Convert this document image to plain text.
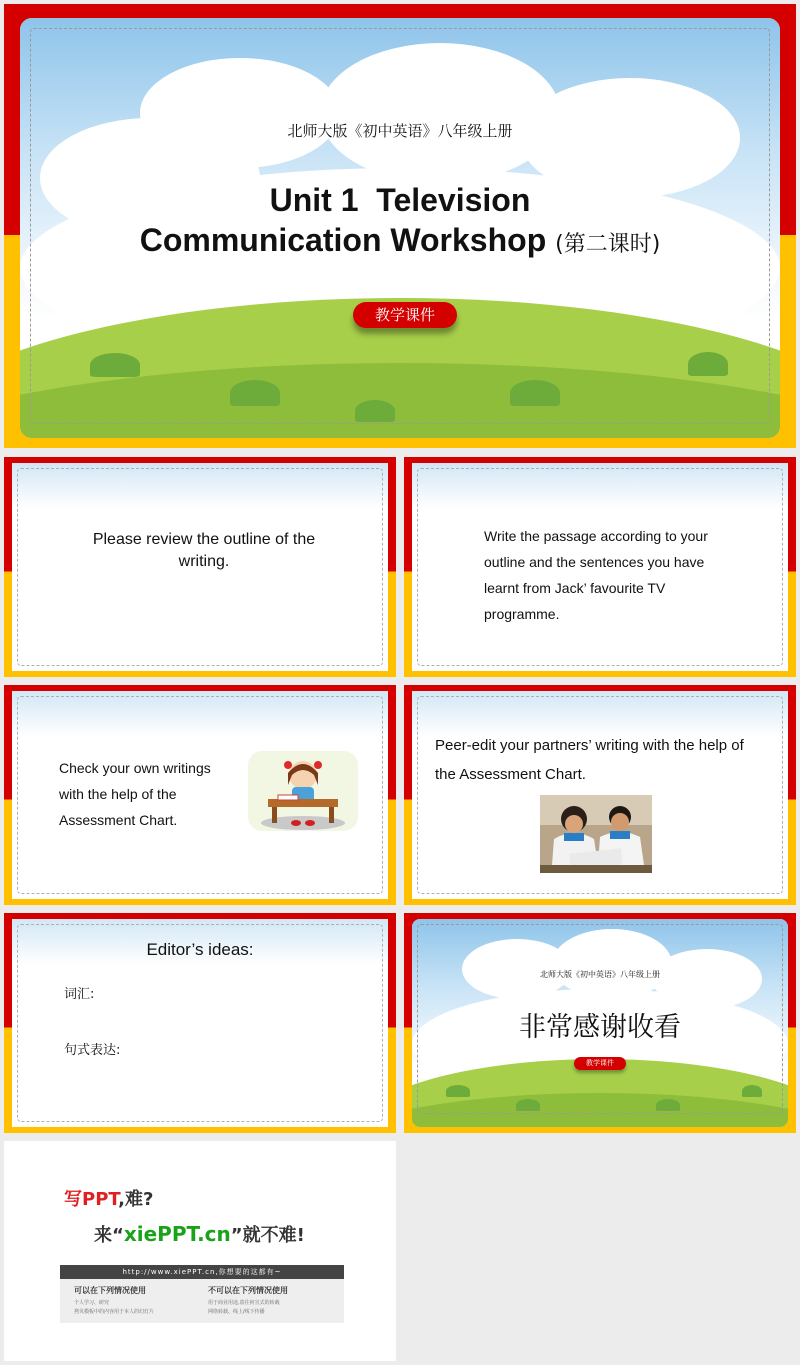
北师大版《初中英语》八年级上册
Unit 1  Television
Communication Workshop (第二课时)
教学课件
Please review the outline of the writing.
Write the passage according to your outline and the sentences you have learnt from Jack’ favourite TV programme.
Check your own writings with the help of the Assessment Chart.
Peer-edit your partners’ writing with the help of the Assessment Chart.
Editor’s ideas:
词汇:
句式表达:
北师大版《初中英语》八年级上册
非常感谢收看
教学课件
写PPT,难?
来“xiePPT.cn”就不难!
http://www.xiePPT.cn,你想要的这都有~
可以在下列情况使用
个人学习、研究
拷贝模板中的内容用于本人的幻灯片
不可以在下列情况使用
用于商业用途,盗往何宣式的转载
网络转载、线上/线下传播
